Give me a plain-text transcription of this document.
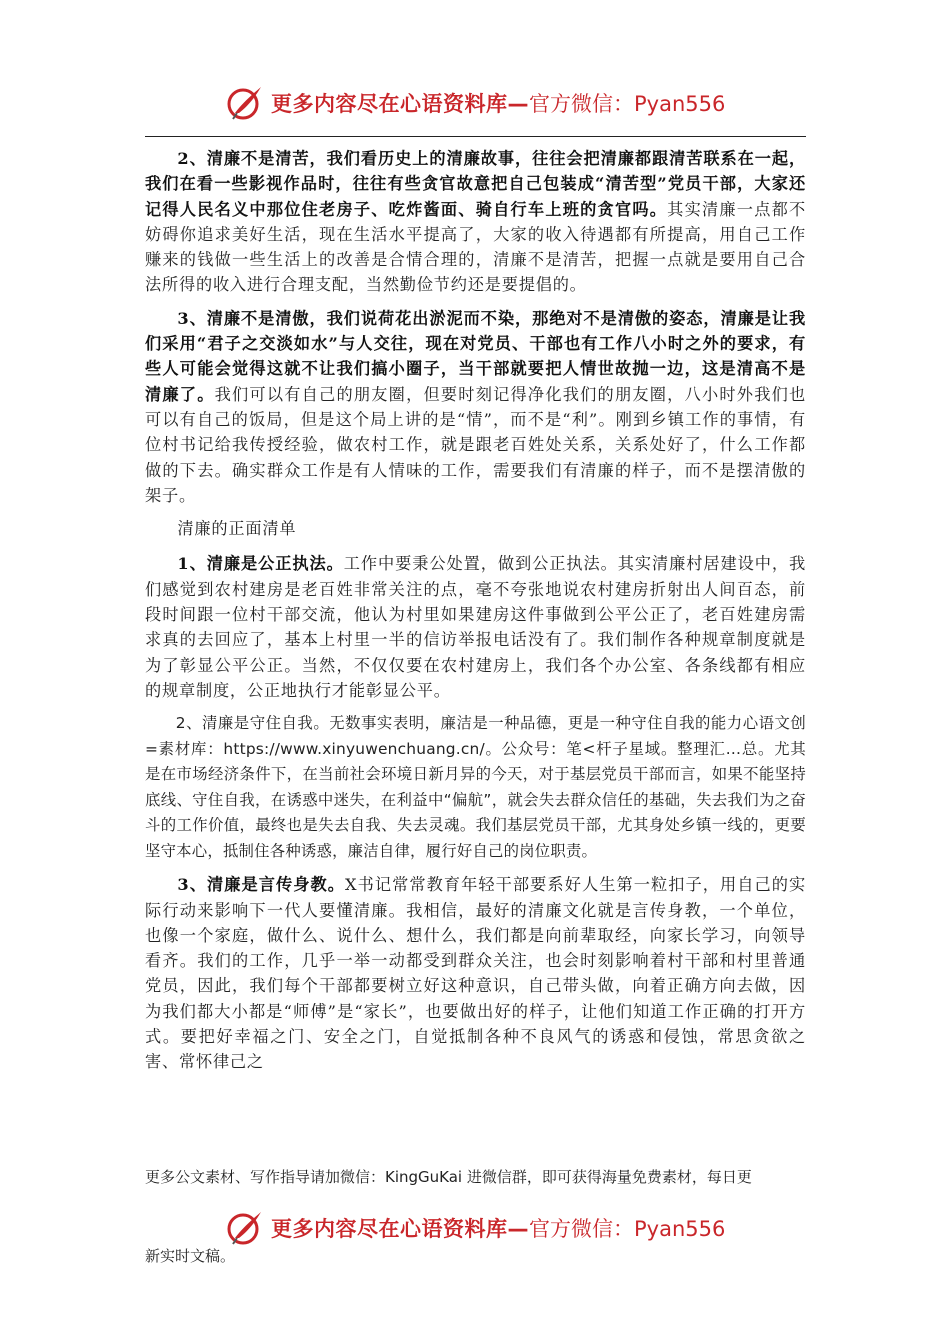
更多内容尽在心语资料库—官方微信：Pyan556

2、清廉不是清苦，我们看历史上的清廉故事，往往会把清廉都跟清苦联系在一起，我们在看一些影视作品时，往往有些贪官故意把自己包装成“清苦型”党员干部，大家还记得人民名义中那位住老房子、吃炸酱面、骑自行车上班的贪官吗。其实清廉一点都不妨碍你追求美好生活，现在生活水平提高了，大家的收入待遇都有所提高，用自己工作赚来的钱做一些生活上的改善是合情合理的，清廉不是清苦，把握一点就是要用自己合法所得的收入进行合理支配，当然勤俭节约还是要提倡的。

3、清廉不是清傲，我们说荷花出淤泥而不染，那绝对不是清傲的姿态，清廉是让我们采用“君子之交淡如水”与人交往，现在对党员、干部也有工作八小时之外的要求，有些人可能会觉得这就不让我们搞小圈子，当干部就要把人情世故抛一边，这是清高不是清廉了。我们可以有自己的朋友圈，但要时刻记得净化我们的朋友圈，八小时外我们也可以有自己的饭局，但是这个局上讲的是“情”，而不是“利”。刚到乡镇工作的事情，有位村书记给我传授经验，做农村工作，就是跟老百姓处关系，关系处好了，什么工作都做的下去。确实群众工作是有人情味的工作，需要我们有清廉的样子，而不是摆清傲的架子。

清廉的正面清单

1、清廉是公正执法。工作中要秉公处置，做到公正执法。其实清廉村居建设中，我们感觉到农村建房是老百姓非常关注的点，毫不夸张地说农村建房折射出人间百态，前段时间跟一位村干部交流，他认为村里如果建房这件事做到公平公正了，老百姓建房需求真的去回应了，基本上村里一半的信访举报电话没有了。我们制作各种规章制度就是为了彰显公平公正。当然，不仅仅要在农村建房上，我们各个办公室、各条线都有相应的规章制度，公正地执行才能彰显公平。

2、清廉是守住自我。无数事实表明，廉洁是一种品德，更是一种守住自我的能力心语文创=素材库：https://www.xinyuwenchuang.cn/。公众号：笔<杆子星域。整理汇…总。尤其是在市场经济条件下，在当前社会环境日新月异的今天，对于基层党员干部而言，如果不能坚持底线、守住自我，在诱惑中迷失，在利益中“偏航”，就会失去群众信任的基础，失去我们为之奋斗的工作价值，最终也是失去自我、失去灵魂。我们基层党员干部，尤其身处乡镇一线的，更要坚守本心，抵制住各种诱惑，廉洁自律，履行好自己的岗位职责。

3、清廉是言传身教。X书记常常教育年轻干部要系好人生第一粒扣子，用自己的实际行动来影响下一代人要懂清廉。我相信，最好的清廉文化就是言传身教，一个单位，也像一个家庭，做什么、说什么、想什么，我们都是向前辈取经，向家长学习，向领导看齐。我们的工作，几乎一举一动都受到群众关注，也会时刻影响着村干部和村里普通党员，因此，我们每个干部都要树立好这种意识，自己带头做，向着正确方向去做，因为我们都大小都是“师傅”是“家长”，也要做出好的样子，让他们知道工作正确的打开方式。要把好幸福之门、安全之门，自觉抵制各种不良风气的诱惑和侵蚀，常思贪欲之害、常怀律己之

更多公文素材、写作指导请加微信：KingGuKai 进微信群，即可获得海量免费素材，每日更
更多内容尽在心语资料库—官方微信：Pyan556
新实时文稿。
